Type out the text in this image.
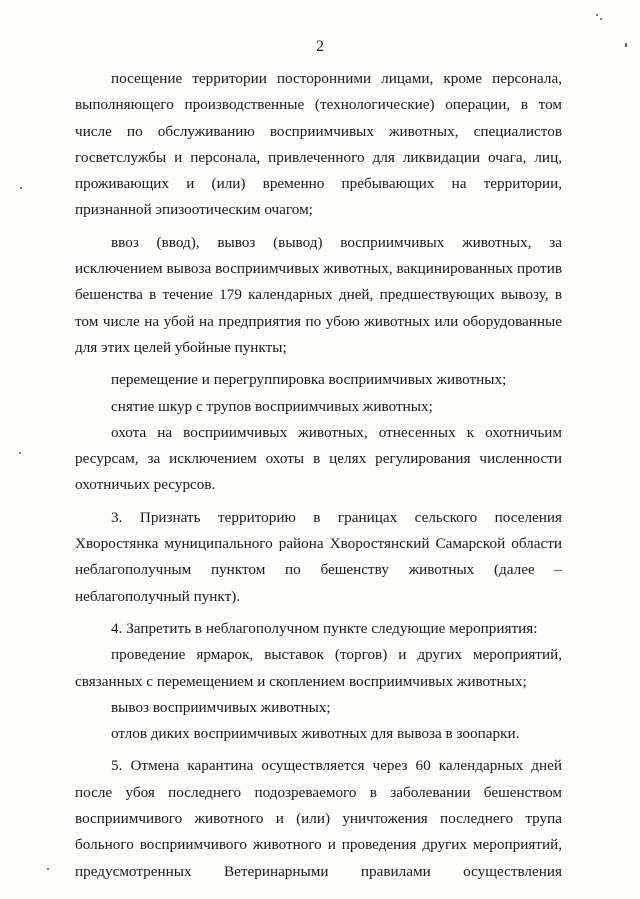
2

посещение территории посторонними лицами, кроме персонала, выполняющего производственные (технологические) операции, в том числе по обслуживанию восприимчивых животных, специалистов госветслужбы и персонала, привлеченного для ликвидации очага, лиц, проживающих и (или) временно пребывающих на территории, признанной эпизоотическим очагом;

ввоз (ввод), вывоз (вывод) восприимчивых животных, за исключением вывоза восприимчивых животных, вакцинированных против бешенства в течение 179 календарных дней, предшествующих вывозу, в том числе на убой на предприятия по убою животных или оборудованные для этих целей убойные пункты;

перемещение и перегруппировка восприимчивых животных;

снятие шкур с трупов восприимчивых животных;

охота на восприимчивых животных, отнесенных к охотничьим ресурсам, за исключением охоты в целях регулирования численности охотничьих ресурсов.

3. Признать территорию в границах сельского поселения Хворостянка муниципального района Хворостянский Самарской области неблагополучным пунктом по бешенству животных (далее – неблагополучный пункт).

4. Запретить в неблагополучном пункте следующие мероприятия:

проведение ярмарок, выставок (торгов) и других мероприятий, связанных с перемещением и скоплением восприимчивых животных;

вывоз восприимчивых животных;

отлов диких восприимчивых животных для вывоза в зоопарки.

5. Отмена карантина осуществляется через 60 календарных дней после убоя последнего подозреваемого в заболевании бешенством восприимчивого животного и (или) уничтожения последнего трупа больного восприимчивого животного и проведения других мероприятий, предусмотренных Ветеринарными правилами осуществления
